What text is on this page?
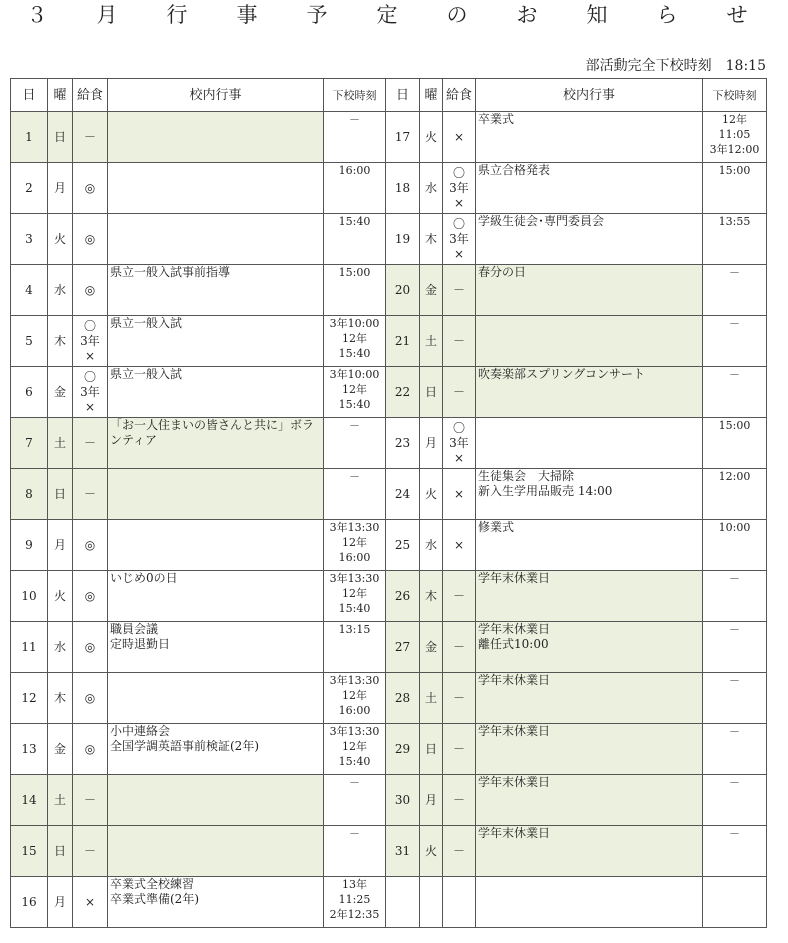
３　月　行　事　予　定　の　お　知　ら　せ
部活動完全下校時刻　18:15
日	曜	給食	校内行事	下校時刻	日	曜	給食	校内行事	下校時刻

1	日	－		－	17	火	×	卒業式	12年
11:05
3年12:00

2	月	◎		16:00	18	水	〇
3年
×	県立合格発表	15:00

3	火	◎		15:40	19	木	〇
3年
×	学級生徒会･専門委員会	13:55

4	水	◎	県立一般入試事前指導	15:00	20	金	－	春分の日	－

5	木	〇
3年
×	県立一般入試	3年10:00
12年
15:40	21	土	－		－

6	金	〇
3年
×	県立一般入試	3年10:00
12年
15:40	22	日	－	吹奏楽部スプリングコンサート	－

7	土	－	「お一人住まいの皆さんと共に」ボランティア	－	23	月	〇
3年
×		15:00

8	日	－		－	24	火	×	生徒集会　大掃除
新入生学用品販売 14:00	12:00

9	月	◎		3年13:30
12年
16:00	25	水	×	修業式	10:00

10	火	◎	いじめ0の日	3年13:30
12年
15:40	26	木	－	学年末休業日	－

11	水	◎	職員会議
定時退勤日	13:15	27	金	－	学年末休業日
離任式10:00	－

12	木	◎		3年13:30
12年
16:00	28	土	－	学年末休業日	－

13	金	◎	小中連絡会
全国学調英語事前検証(2年)	3年13:30
12年
15:40	29	日	－	学年末休業日	－

14	土	－		－	30	月	－	学年末休業日	－

15	日	－		－	31	火	－	学年末休業日	－

16	月	×	卒業式全校練習
卒業式準備(2年)	13年
11:25
2年12:35					
